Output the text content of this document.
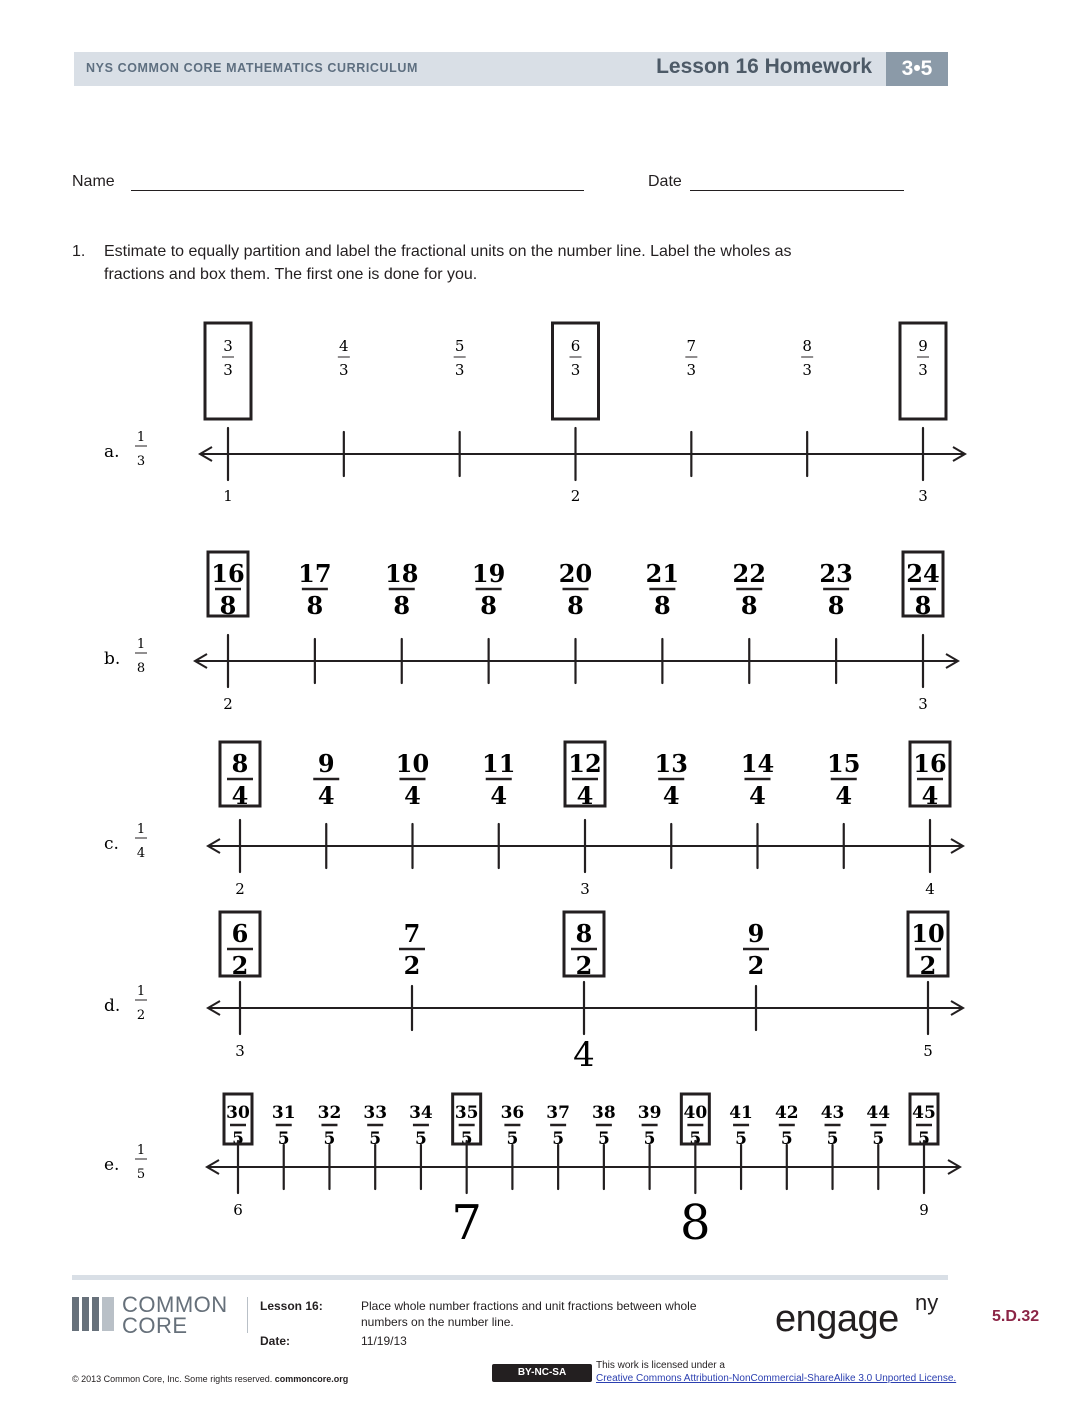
NYS COMMON CORE MATHEMATICS CURRICULUM	Lesson 16 Homework	3•5
Name	Date
1. Estimate to equally partition and label the fractional units on the number line. Label the wholes as
fractions and box them. The first one is done for you.
a.
1
3
3
3
1
4
3
5
3
6
3
2
7
3
8
3
9
3
3
b.
1
8
16
8
2
17
8
18
8
19
8
20
8
21
8
22
8
23
8
24
8
3
c.
1
4
8
4
2
9
4
10
4
11
4
12
4
3
13
4
14
4
15
4
16
4
4
d.
1
2
6
2
3
7
2
8
2
4
9
2
10
2
5
e.
1
5
30
5
6
31
5
32
5
33
5
34
5
35
5
7
36
5
37
5
38
5
39
5
40
5
8
41
5
42
5
43
5
44
5
45
5
9
COMMON
CORE
Lesson 16:	Place whole number fractions and unit fractions between whole
numbers on the number line.
Date:	11/19/13
engage ny
5.D.32
© 2013 Common Core, Inc. Some rights reserved. commoncore.org
BY-NC-SA
This work is licensed under a
Creative Commons Attribution-NonCommercial-ShareAlike 3.0 Unported License.
